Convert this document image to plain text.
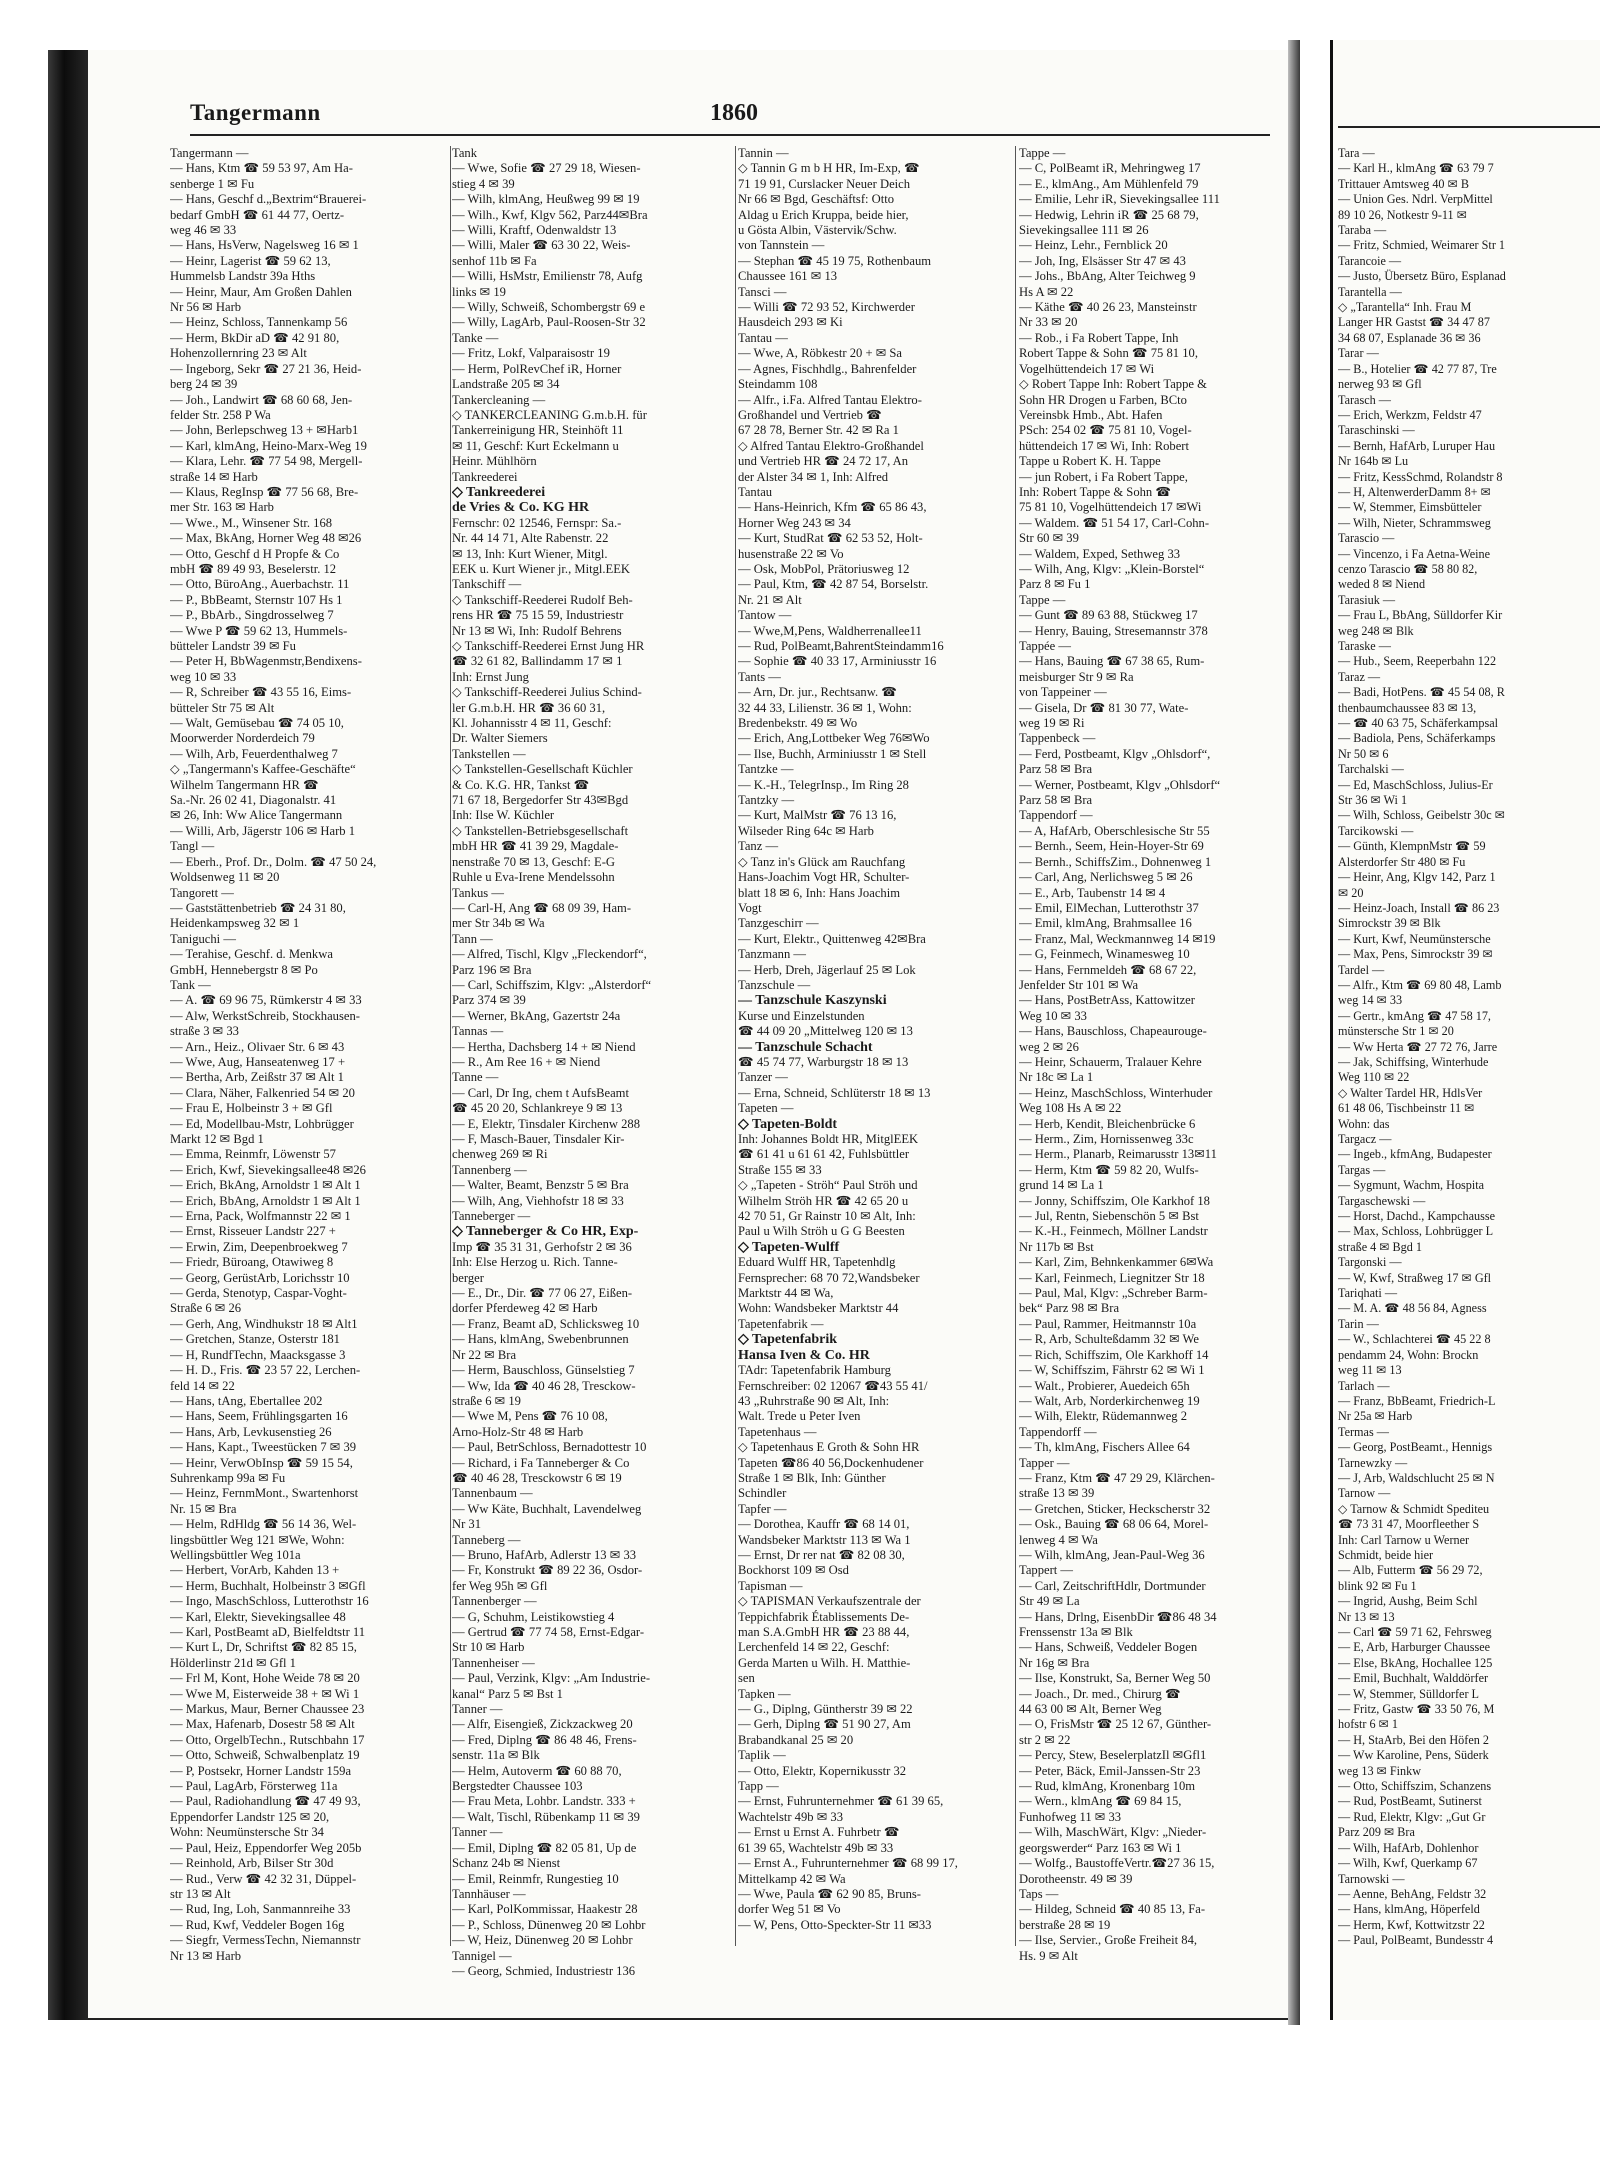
Tangermann	1860
Tangermann —
— Hans, Ktm ☎ 59 53 97, Am Ha-
senberge 1 ✉ Fu
— Hans, Geschf d.„Bextrim“Brauerei-
bedarf GmbH ☎ 61 44 77, Oertz-
weg 46 ✉ 33
— Hans, HsVerw, Nagelsweg 16 ✉ 1
— Heinr, Lagerist ☎ 59 62 13,
Hummelsb Landstr 39a Hths
— Heinr, Maur, Am Großen Dahlen
Nr 56 ✉ Harb
— Heinz, Schloss, Tannenkamp 56
— Herm, BkDir aD ☎ 42 91 80,
Hohenzollernring 23 ✉ Alt
— Ingeborg, Sekr ☎ 27 21 36, Heid-
berg 24 ✉ 39
— Joh., Landwirt ☎ 68 60 68, Jen-
felder Str. 258 P Wa
— John, Berlepschweg 13 + ✉Harb1
— Karl, klmAng, Heino-Marx-Weg 19
— Klara, Lehr. ☎ 77 54 98, Mergell-
straße 14 ✉ Harb
— Klaus, RegInsp ☎ 77 56 68, Bre-
mer Str. 163 ✉ Harb
— Wwe., M., Winsener Str. 168
— Max, BkAng, Horner Weg 48 ✉26
— Otto, Geschf d H Propfe & Co
mbH ☎ 89 49 93, Beselerstr. 12
— Otto, BüroAng., Auerbachstr. 11
— P., BbBeamt, Sternstr 107 Hs 1
— P., BbArb., Singdrosselweg 7
— Wwe P ☎ 59 62 13, Hummels-
bütteler Landstr 39 ✉ Fu
— Peter H, BbWagenmstr,Bendixens-
weg 10 ✉ 33
— R, Schreiber ☎ 43 55 16, Eims-
bütteler Str 75 ✉ Alt
— Walt, Gemüsebau ☎ 74 05 10,
Moorwerder Norderdeich 79
— Wilh, Arb, Feuerdenthalweg 7
◇ „Tangermann's Kaffee-Geschäfte“
Wilhelm Tangermann HR ☎
Sa.-Nr. 26 02 41, Diagonalstr. 41
✉ 26, Inh: Ww Alice Tangermann
— Willi, Arb, Jägerstr 106 ✉ Harb 1
Tangl —
— Eberh., Prof. Dr., Dolm. ☎ 47 50 24,
Woldsenweg 11 ✉ 20
Tangorett —
— Gaststättenbetrieb ☎ 24 31 80,
Heidenkampsweg 32 ✉ 1
Taniguchi —
— Terahise, Geschf. d. Menkwa
GmbH, Hennebergstr 8 ✉ Po
Tank —
— A. ☎ 69 96 75, Rümkerstr 4 ✉ 33
— Alw, WerkstSchreib, Stockhausen-
straße 3 ✉ 33
— Arn., Heiz., Olivaer Str. 6 ✉ 43
— Wwe, Aug, Hanseatenweg 17 +
— Bertha, Arb, Zeißstr 37 ✉ Alt 1
— Clara, Näher, Falkenried 54 ✉ 20
— Frau E, Holbeinstr 3 + ✉ Gfl
— Ed, Modellbau-Mstr, Lohbrügger
Markt 12 ✉ Bgd 1
— Emma, Reinmfr, Löwenstr 57
— Erich, Kwf, Sievekingsallee48 ✉26
— Erich, BkAng, Arnoldstr 1 ✉ Alt 1
— Erich, BbAng, Arnoldstr 1 ✉ Alt 1
— Erna, Pack, Wolfmannstr 22 ✉ 1
— Ernst, Risseuer Landstr 227 +
— Erwin, Zim, Deepenbroekweg 7
— Friedr, Büroang, Otawiweg 8
— Georg, GerüstArb, Lorichsstr 10
— Gerda, Stenotyp, Caspar-Voght-
Straße 6 ✉ 26
— Gerh, Ang, Windhukstr 18 ✉ Alt1
— Gretchen, Stanze, Osterstr 181
— H, RundfTechn, Maacksgasse 3
— H. D., Fris. ☎ 23 57 22, Lerchen-
feld 14 ✉ 22
— Hans, tAng, Ebertallee 202
— Hans, Seem, Frühlingsgarten 16
— Hans, Arb, Levkusenstieg 26
— Hans, Kapt., Tweestücken 7 ✉ 39
— Heinr, VerwObInsp ☎ 59 15 54,
Suhrenkamp 99a ✉ Fu
— Heinz, FernmMont., Swartenhorst
Nr. 15 ✉ Bra
— Helm, RdHldg ☎ 56 14 36, Wel-
lingsbüttler Weg 121 ✉We, Wohn:
Wellingsbüttler Weg 101a
— Herbert, VorArb, Kahden 13 +
— Herm, Buchhalt, Holbeinstr 3 ✉Gfl
— Ingo, MaschSchloss, Lutterothstr 16
— Karl, Elektr, Sievekingsallee 48
— Karl, PostBeamt aD, Bielfeldtstr 11
— Kurt L, Dr, Schriftst ☎ 82 85 15,
Hölderlinstr 21d ✉ Gfl 1
— Frl M, Kont, Hohe Weide 78 ✉ 20
— Wwe M, Eisterweide 38 + ✉ Wi 1
— Markus, Maur, Berner Chaussee 23
— Max, Hafenarb, Dosestr 58 ✉ Alt
— Otto, OrgelbTechn., Rutschbahn 17
— Otto, Schweiß, Schwalbenplatz 19
— P, Postsekr, Horner Landstr 159a
— Paul, LagArb, Försterweg 11a
— Paul, Radiohandlung ☎ 47 49 93,
Eppendorfer Landstr 125 ✉ 20,
Wohn: Neumünstersche Str 34
— Paul, Heiz, Eppendorfer Weg 205b
— Reinhold, Arb, Bilser Str 30d
— Rud., Verw ☎ 42 32 31, Düppel-
str 13 ✉ Alt
— Rud, Ing, Loh, Sanmannreihe 33
— Rud, Kwf, Veddeler Bogen 16g
— Siegfr, VermessTechn, Niemannstr
Nr 13 ✉ Harb
Tank
— Wwe, Sofie ☎ 27 29 18, Wiesen-
stieg 4 ✉ 39
— Wilh, klmAng, Heußweg 99 ✉ 19
— Wilh., Kwf, Klgv 562, Parz44✉Bra
— Willi, Kraftf, Odenwaldstr 13
— Willi, Maler ☎ 63 30 22, Weis-
senhof 11b ✉ Fa
— Willi, HsMstr, Emilienstr 78, Aufg
links ✉ 19
— Willy, Schweiß, Schombergstr 69 e
— Willy, LagArb, Paul-Roosen-Str 32
Tanke —
— Fritz, Lokf, Valparaisostr 19
— Herm, PolRevChef iR, Horner
Landstraße 205 ✉ 34
Tankercleaning —
◇ TANKERCLEANING G.m.b.H. für
Tankerreinigung HR, Steinhöft 11
✉ 11, Geschf: Kurt Eckelmann u
Heinr. Mühlhörn
Tankreederei
◇ Tankreederei
de Vries & Co. KG HR
Fernschr: 02 12546, Fernspr: Sa.-
Nr. 44 14 71, Alte Rabenstr. 22
✉ 13, Inh: Kurt Wiener, Mitgl.
EEK u. Kurt Wiener jr., Mitgl.EEK
Tankschiff —
◇ Tankschiff-Reederei Rudolf Beh-
rens HR ☎ 75 15 59, Industriestr
Nr 13 ✉ Wi, Inh: Rudolf Behrens
◇ Tankschiff-Reederei Ernst Jung HR
☎ 32 61 82, Ballindamm 17 ✉ 1
Inh: Ernst Jung
◇ Tankschiff-Reederei Julius Schind-
ler G.m.b.H. HR ☎ 36 60 31,
Kl. Johannisstr 4 ✉ 11, Geschf:
Dr. Walter Siemers
Tankstellen —
◇ Tankstellen-Gesellschaft Küchler
& Co. K.G. HR, Tankst ☎
71 67 18, Bergedorfer Str 43✉Bgd
Inh: Ilse W. Küchler
◇ Tankstellen-Betriebsgesellschaft
mbH HR ☎ 41 39 29, Magdale-
nenstraße 70 ✉ 13, Geschf: E-G
Ruhle u Eva-Irene Mendelssohn
Tankus —
— Carl-H, Ang ☎ 68 09 39, Ham-
mer Str 34b ✉ Wa
Tann —
— Alfred, Tischl, Klgv „Fleckendorf“,
Parz 196 ✉ Bra
— Carl, Schiffszim, Klgv: „Alsterdorf“
Parz 374 ✉ 39
— Werner, BkAng, Gazertstr 24a
Tannas —
— Hertha, Dachsberg 14 + ✉ Niend
— R., Am Ree 16 + ✉ Niend
Tanne —
— Carl, Dr Ing, chem t AufsBeamt
☎ 45 20 20, Schlankreye 9 ✉ 13
— E, Elektr, Tinsdaler Kirchenw 288
— F, Masch-Bauer, Tinsdaler Kir-
chenweg 269 ✉ Ri
Tannenberg —
— Walter, Beamt, Benzstr 5 ✉ Bra
— Wilh, Ang, Viehhofstr 18 ✉ 33
Tanneberger —
◇ Tanneberger & Co HR, Exp-
Imp ☎ 35 31 31, Gerhofstr 2 ✉ 36
Inh: Else Herzog u. Rich. Tanne-
berger
— E., Dr., Dir. ☎ 77 06 27, Eißen-
dorfer Pferdeweg 42 ✉ Harb
— Franz, Beamt aD, Schlicksweg 10
— Hans, klmAng, Swebenbrunnen
Nr 22 ✉ Bra
— Herm, Bauschloss, Günselstieg 7
— Ww, Ida ☎ 40 46 28, Tresckow-
straße 6 ✉ 19
— Wwe M, Pens ☎ 76 10 08,
Arno-Holz-Str 48 ✉ Harb
— Paul, BetrSchloss, Bernadottestr 10
— Richard, i Fa Tanneberger & Co
☎ 40 46 28, Tresckowstr 6 ✉ 19
Tannenbaum —
— Ww Käte, Buchhalt, Lavendelweg
Nr 31
Tanneberg —
— Bruno, HafArb, Adlerstr 13 ✉ 33
— Fr, Konstrukt ☎ 89 22 36, Osdor-
fer Weg 95h ✉ Gfl
Tannenberger —
— G, Schuhm, Leistikowstieg 4
— Gertrud ☎ 77 74 58, Ernst-Edgar-
Str 10 ✉ Harb
Tannenheiser —
— Paul, Verzink, Klgv: „Am Industrie-
kanal“ Parz 5 ✉ Bst 1
Tanner —
— Alfr, Eisengieß, Zickzackweg 20
— Fred, Diplng ☎ 86 48 46, Frens-
senstr. 11a ✉ Blk
— Helm, Autoverm ☎ 60 88 70,
Bergstedter Chaussee 103
— Frau Meta, Lohbr. Landstr. 333 +
— Walt, Tischl, Rübenkamp 11 ✉ 39
Tanner —
— Emil, Diplng ☎ 82 05 81, Up de
Schanz 24b ✉ Nienst
— Emil, Reinmfr, Rungestieg 10
Tannhäuser —
— Karl, PolKommissar, Haakestr 28
— P., Schloss, Dünenweg 20 ✉ Lohbr
— W, Heiz, Dünenweg 20 ✉ Lohbr
Tannigel —
— Georg, Schmied, Industriestr 136
Tannin —
◇ Tannin G m b H HR, Im-Exp, ☎
71 19 91, Curslacker Neuer Deich
Nr 66 ✉ Bgd, Geschäftsf: Otto
Aldag u Erich Kruppa, beide hier,
u Gösta Albin, Västervik/Schw.
von Tannstein —
— Stephan ☎ 45 19 75, Rothenbaum
Chaussee 161 ✉ 13
Tansci —
— Willi ☎ 72 93 52, Kirchwerder
Hausdeich 293 ✉ Ki
Tantau —
— Wwe, A, Röbkestr 20 + ✉ Sa
— Agnes, Fischhdlg., Bahrenfelder
Steindamm 108
— Alfr., i.Fa. Alfred Tantau Elektro-
Großhandel und Vertrieb ☎
67 28 78, Berner Str. 42 ✉ Ra 1
◇ Alfred Tantau Elektro-Großhandel
und Vertrieb HR ☎ 24 72 17, An
der Alster 34 ✉ 1, Inh: Alfred
Tantau
— Hans-Heinrich, Kfm ☎ 65 86 43,
Horner Weg 243 ✉ 34
— Kurt, StudRat ☎ 62 53 52, Holt-
husenstraße 22 ✉ Vo
— Osk, MobPol, Prätoriusweg 12
— Paul, Ktm, ☎ 42 87 54, Borselstr.
Nr. 21 ✉ Alt
Tantow —
— Wwe,M,Pens, Waldherrenallee11
— Rud, PolBeamt,BahrentSteindamm16
— Sophie ☎ 40 33 17, Arminiusstr 16
Tants —
— Arn, Dr. jur., Rechtsanw. ☎
32 44 33, Lilienstr. 36 ✉ 1, Wohn:
Bredenbekstr. 49 ✉ Wo
— Erich, Ang,Lottbeker Weg 76✉Wo
— Ilse, Buchh, Arminiusstr 1 ✉ Stell
Tantzke —
— K.-H., TelegrInsp., Im Ring 28
Tantzky —
— Kurt, MalMstr ☎ 76 13 16,
Wilseder Ring 64c ✉ Harb
Tanz —
◇ Tanz in's Glück am Rauchfang
Hans-Joachim Vogt HR, Schulter-
blatt 18 ✉ 6, Inh: Hans Joachim
Vogt
Tanzgeschirr —
— Kurt, Elektr., Quittenweg 42✉Bra
Tanzmann —
— Herb, Dreh, Jägerlauf 25 ✉ Lok
Tanzschule —
— Tanzschule Kaszynski
Kurse und Einzelstunden
☎ 44 09 20 „Mittelweg 120 ✉ 13
— Tanzschule Schacht
☎ 45 74 77, Warburgstr 18 ✉ 13
Tanzer —
— Erna, Schneid, Schlüterstr 18 ✉ 13
Tapeten —
◇ Tapeten-Boldt
Inh: Johannes Boldt HR, MitglEEK
☎ 61 41 u 61 61 42, Fuhlsbüttler
Straße 155 ✉ 33
◇ „Tapeten - Ströh“ Paul Ströh und
Wilhelm Ströh HR ☎ 42 65 20 u
42 70 51, Gr Rainstr 10 ✉ Alt, Inh:
Paul u Wilh Ströh u G G Beesten
◇ Tapeten-Wulff
Eduard Wulff HR, Tapetenhdlg
Fernsprecher: 68 70 72,Wandsbeker
Marktstr 44 ✉ Wa,
Wohn: Wandsbeker Marktstr 44
Tapetenfabrik —
◇ Tapetenfabrik
Hansa Iven & Co. HR
TAdr: Tapetenfabrik Hamburg
Fernschreiber: 02 12067 ☎43 55 41/
43 „Ruhrstraße 90 ✉ Alt, Inh:
Walt. Trede u Peter Iven
Tapetenhaus —
◇ Tapetenhaus E Groth & Sohn HR
Tapeten ☎86 40 56,Dockenhudener
Straße 1 ✉ Blk, Inh: Günther
Schindler
Tapfer —
— Dorothea, Kauffr ☎ 68 14 01,
Wandsbeker Marktstr 113 ✉ Wa 1
— Ernst, Dr rer nat ☎ 82 08 30,
Bockhorst 109 ✉ Osd
Tapisman —
◇ TAPISMAN Verkaufszentrale der
Teppichfabrik Établissements De-
man S.A.GmbH HR ☎ 23 88 44,
Lerchenfeld 14 ✉ 22, Geschf:
Gerda Marten u Wilh. H. Matthie-
sen
Tapken —
— G., Diplng, Güntherstr 39 ✉ 22
— Gerh, Diplng ☎ 51 90 27, Am
Brabandkanal 25 ✉ 20
Taplik —
— Otto, Elektr, Kopernikusstr 32
Tapp —
— Ernst, Fuhrunternehmer ☎ 61 39 65,
Wachtelstr 49b ✉ 33
— Ernst u Ernst A. Fuhrbetr ☎
61 39 65, Wachtelstr 49b ✉ 33
— Ernst A., Fuhrunternehmer ☎ 68 99 17,
Mittelkamp 42 ✉ Wa
— Wwe, Paula ☎ 62 90 85, Bruns-
dorfer Weg 51 ✉ Vo
— W, Pens, Otto-Speckter-Str 11 ✉33
Tappe —
— C, PolBeamt iR, Mehringweg 17
— E., klmAng., Am Mühlenfeld 79
— Emilie, Lehr iR, Sievekingsallee 111
— Hedwig, Lehrin iR ☎ 25 68 79,
Sievekingsallee 111 ✉ 26
— Heinz, Lehr., Fernblick 20
— Joh, Ing, Elsässer Str 47 ✉ 43
— Johs., BbAng, Alter Teichweg 9
Hs A ✉ 22
— Käthe ☎ 40 26 23, Mansteinstr
Nr 33 ✉ 20
— Rob., i Fa Robert Tappe, Inh
Robert Tappe & Sohn ☎ 75 81 10,
Vogelhüttendeich 17 ✉ Wi
◇ Robert Tappe Inh: Robert Tappe &
Sohn HR Drogen u Farben, BCto
Vereinsbk Hmb., Abt. Hafen
PSch: 254 02 ☎ 75 81 10, Vogel-
hüttendeich 17 ✉ Wi, Inh: Robert
Tappe u Robert K. H. Tappe
— jun Robert, i Fa Robert Tappe,
Inh: Robert Tappe & Sohn ☎
75 81 10, Vogelhüttendeich 17 ✉Wi
— Waldem. ☎ 51 54 17, Carl-Cohn-
Str 60 ✉ 39
— Waldem, Exped, Sethweg 33
— Wilh, Ang, Klgv: „Klein-Borstel“
Parz 8 ✉ Fu 1
Tappe —
— Gunt ☎ 89 63 88, Stückweg 17
— Henry, Bauing, Stresemannstr 378
Tappée —
— Hans, Bauing ☎ 67 38 65, Rum-
meisburger Str 9 ✉ Ra
von Tappeiner —
— Gisela, Dr ☎ 81 30 77, Wate-
weg 19 ✉ Ri
Tappenbeck —
— Ferd, Postbeamt, Klgv „Ohlsdorf“,
Parz 58 ✉ Bra
— Werner, Postbeamt, Klgv „Ohlsdorf“
Parz 58 ✉ Bra
Tappendorf —
— A, HafArb, Oberschlesische Str 55
— Bernh., Seem, Hein-Hoyer-Str 69
— Bernh., SchiffsZim., Dohnenweg 1
— Carl, Ang, Nerlichsweg 5 ✉ 26
— E., Arb, Taubenstr 14 ✉ 4
— Emil, ElMechan, Lutterothstr 37
— Emil, klmAng, Brahmsallee 16
— Franz, Mal, Weckmannweg 14 ✉19
— G, Feinmech, Winamesweg 10
— Hans, Fernmeldeh ☎ 68 67 22,
Jenfelder Str 101 ✉ Wa
— Hans, PostBetrAss, Kattowitzer
Weg 10 ✉ 33
— Hans, Bauschloss, Chapeaurouge-
weg 2 ✉ 26
— Heinr, Schauerm, Tralauer Kehre
Nr 18c ✉ La 1
— Heinz, MaschSchloss, Winterhuder
Weg 108 Hs A ✉ 22
— Herb, Kendit, Bleichenbrücke 6
— Herm., Zim, Hornissenweg 33c
— Herm., Planarb, Reimarusstr 13✉11
— Herm, Ktm ☎ 59 82 20, Wulfs-
grund 14 ✉ La 1
— Jonny, Schiffszim, Ole Karkhof 18
— Jul, Rentn, Siebenschön 5 ✉ Bst
— K.-H., Feinmech, Möllner Landstr
Nr 117b ✉ Bst
— Karl, Zim, Behnkenkammer 6✉Wa
— Karl, Feinmech, Liegnitzer Str 18
— Paul, Mal, Klgv: „Schreber Barm-
bek“ Parz 98 ✉ Bra
— Paul, Rammer, Heitmannstr 10a
— R, Arb, Schulteßdamm 32 ✉ We
— Rich, Schiffszim, Ole Karkhoff 14
— W, Schiffszim, Fährstr 62 ✉ Wi 1
— Walt., Probierer, Auedeich 65h
— Walt, Arb, Norderkirchenweg 19
— Wilh, Elektr, Rüdemannweg 2
Tappendorff —
— Th, klmAng, Fischers Allee 64
Tapper —
— Franz, Ktm ☎ 47 29 29, Klärchen-
straße 13 ✉ 39
— Gretchen, Sticker, Heckscherstr 32
— Osk., Bauing ☎ 68 06 64, Morel-
lenweg 4 ✉ Wa
— Wilh, klmAng, Jean-Paul-Weg 36
Tappert —
— Carl, ZeitschriftHdlr, Dortmunder
Str 49 ✉ La
— Hans, Drlng, EisenbDir ☎86 48 34
Frenssenstr 13a ✉ Blk
— Hans, Schweiß, Veddeler Bogen
Nr 16g ✉ Bra
— Ilse, Konstrukt, Sa, Berner Weg 50
— Joach., Dr. med., Chirurg ☎
44 63 00 ✉ Alt, Berner Weg
— O, FrisMstr ☎ 25 12 67, Günther-
str 2 ✉ 22
— Percy, Stew, BeselerplatzIl ✉Gfl1
— Peter, Bäck, Emil-Janssen-Str 23
— Rud, klmAng, Kronenbarg 10m
— Wern., klmAng ☎ 69 84 15,
Funhofweg 11 ✉ 33
— Wilh, MaschWärt, Klgv: „Nieder-
georgswerder“ Parz 163 ✉ Wi 1
— Wolfg., BaustoffeVertr.☎27 36 15,
Dorotheenstr. 49 ✉ 39
Taps —
— Hildeg, Schneid ☎ 40 85 13, Fa-
berstraße 28 ✉ 19
— Ilse, Servier., Große Freiheit 84,
Hs. 9 ✉ Alt
Tara —
— Karl H., klmAng ☎ 63 79 7
Trittauer Amtsweg 40 ✉ B
— Union Ges. Ndrl. VerpMittel
89 10 26, Notkestr 9-11 ✉
Taraba —
— Fritz, Schmied, Weimarer Str 1
Tarancoie —
— Justo, Übersetz Büro, Esplanad
Tarantella —
◇ „Tarantella“ Inh. Frau M
Langer HR Gastst ☎ 34 47 87
34 68 07, Esplanade 36 ✉ 36
Tarar —
— B., Hotelier ☎ 42 77 87, Tre
nerweg 93 ✉ Gfl
Tarasch —
— Erich, Werkzm, Feldstr 47
Taraschinski —
— Bernh, HafArb, Luruper Hau
Nr 164b ✉ Lu
— Fritz, KessSchmd, Rolandstr 8
— H, AltenwerderDamm 8+ ✉
— W, Stemmer, Eimsbütteler
— Wilh, Nieter, Schrammsweg
Tarascio —
— Vincenzo, i Fa Aetna-Weine
cenzo Tarascio ☎ 58 80 82,
weded 8 ✉ Niend
Tarasiuk —
— Frau L, BbAng, Sülldorfer Kir
weg 248 ✉ Blk
Taraske —
— Hub., Seem, Reeperbahn 122
Taraz —
— Badi, HotPens. ☎ 45 54 08, R
thenbaumchaussee 83 ✉ 13,
— ☎ 40 63 75, Schäferkampsal
— Badiola, Pens, Schäferkamps
Nr 50 ✉ 6
Tarchalski —
— Ed, MaschSchloss, Julius-Er
Str 36 ✉ Wi 1
— Wilh, Schloss, Geibelstr 30c ✉
Tarcikowski —
— Günth, KlempnMstr ☎ 59
Alsterdorfer Str 480 ✉ Fu
— Heinr, Ang, Klgv 142, Parz 1
✉ 20
— Heinz-Joach, Install ☎ 86 23
Simrockstr 39 ✉ Blk
— Kurt, Kwf, Neumünstersche
— Max, Pens, Simrockstr 39 ✉
Tardel —
— Alfr., Ktm ☎ 69 80 48, Lamb
weg 14 ✉ 33
— Gertr., kmAng ☎ 47 58 17,
münstersche Str 1 ✉ 20
— Ww Herta ☎ 27 72 76, Jarre
— Jak, Schiffsing, Winterhude
Weg 110 ✉ 22
◇ Walter Tardel HR, HdlsVer
61 48 06, Tischbeinstr 11 ✉
Wohn: das
Targacz —
— Ingeb., kfmAng, Budapester
Targas —
— Sygmunt, Wachm, Hospita
Targaschewski —
— Horst, Dachd., Kampchausse
— Max, Schloss, Lohbrügger L
straße 4 ✉ Bgd 1
Targonski —
— W, Kwf, Straßweg 17 ✉ Gfl
Tariqhati —
— M. A. ☎ 48 56 84, Agness
Tarin —
— W., Schlachterei ☎ 45 22 8
pendamm 24, Wohn: Brockn
weg 11 ✉ 13
Tarlach —
— Franz, BbBeamt, Friedrich-L
Nr 25a ✉ Harb
Termas —
— Georg, PostBeamt., Hennigs
Tarnewzky —
— J, Arb, Waldschlucht 25 ✉ N
Tarnow —
◇ Tarnow & Schmidt Spediteu
☎ 73 31 47, Moorfleether S
Inh: Carl Tarnow u Werner
Schmidt, beide hier
— Alb, Futterm ☎ 56 29 72,
blink 92 ✉ Fu 1
— Ingrid, Aushg, Beim Schl
Nr 13 ✉ 13
— Carl ☎ 59 71 62, Fehrsweg
— E, Arb, Harburger Chaussee
— Else, BkAng, Hochallee 125
— Emil, Buchhalt, Walddörfer
— W, Stemmer, Sülldorfer L
— Fritz, Gastw ☎ 33 50 76, M
hofstr 6 ✉ 1
— H, StaArb, Bei den Höfen 2
— Ww Karoline, Pens, Süderk
weg 13 ✉ Finkw
— Otto, Schiffszim, Schanzens
— Rud, PostBeamt, Sutinerst
— Rud, Elektr, Klgv: „Gut Gr
Parz 209 ✉ Bra
— Wilh, HafArb, Dohlenhor
— Wilh, Kwf, Querkamp 67
Tarnowski —
— Aenne, BehAng, Feldstr 32
— Hans, klmAng, Höperfeld
— Herm, Kwf, Kottwitzstr 22
— Paul, PolBeamt, Bundesstr 4
